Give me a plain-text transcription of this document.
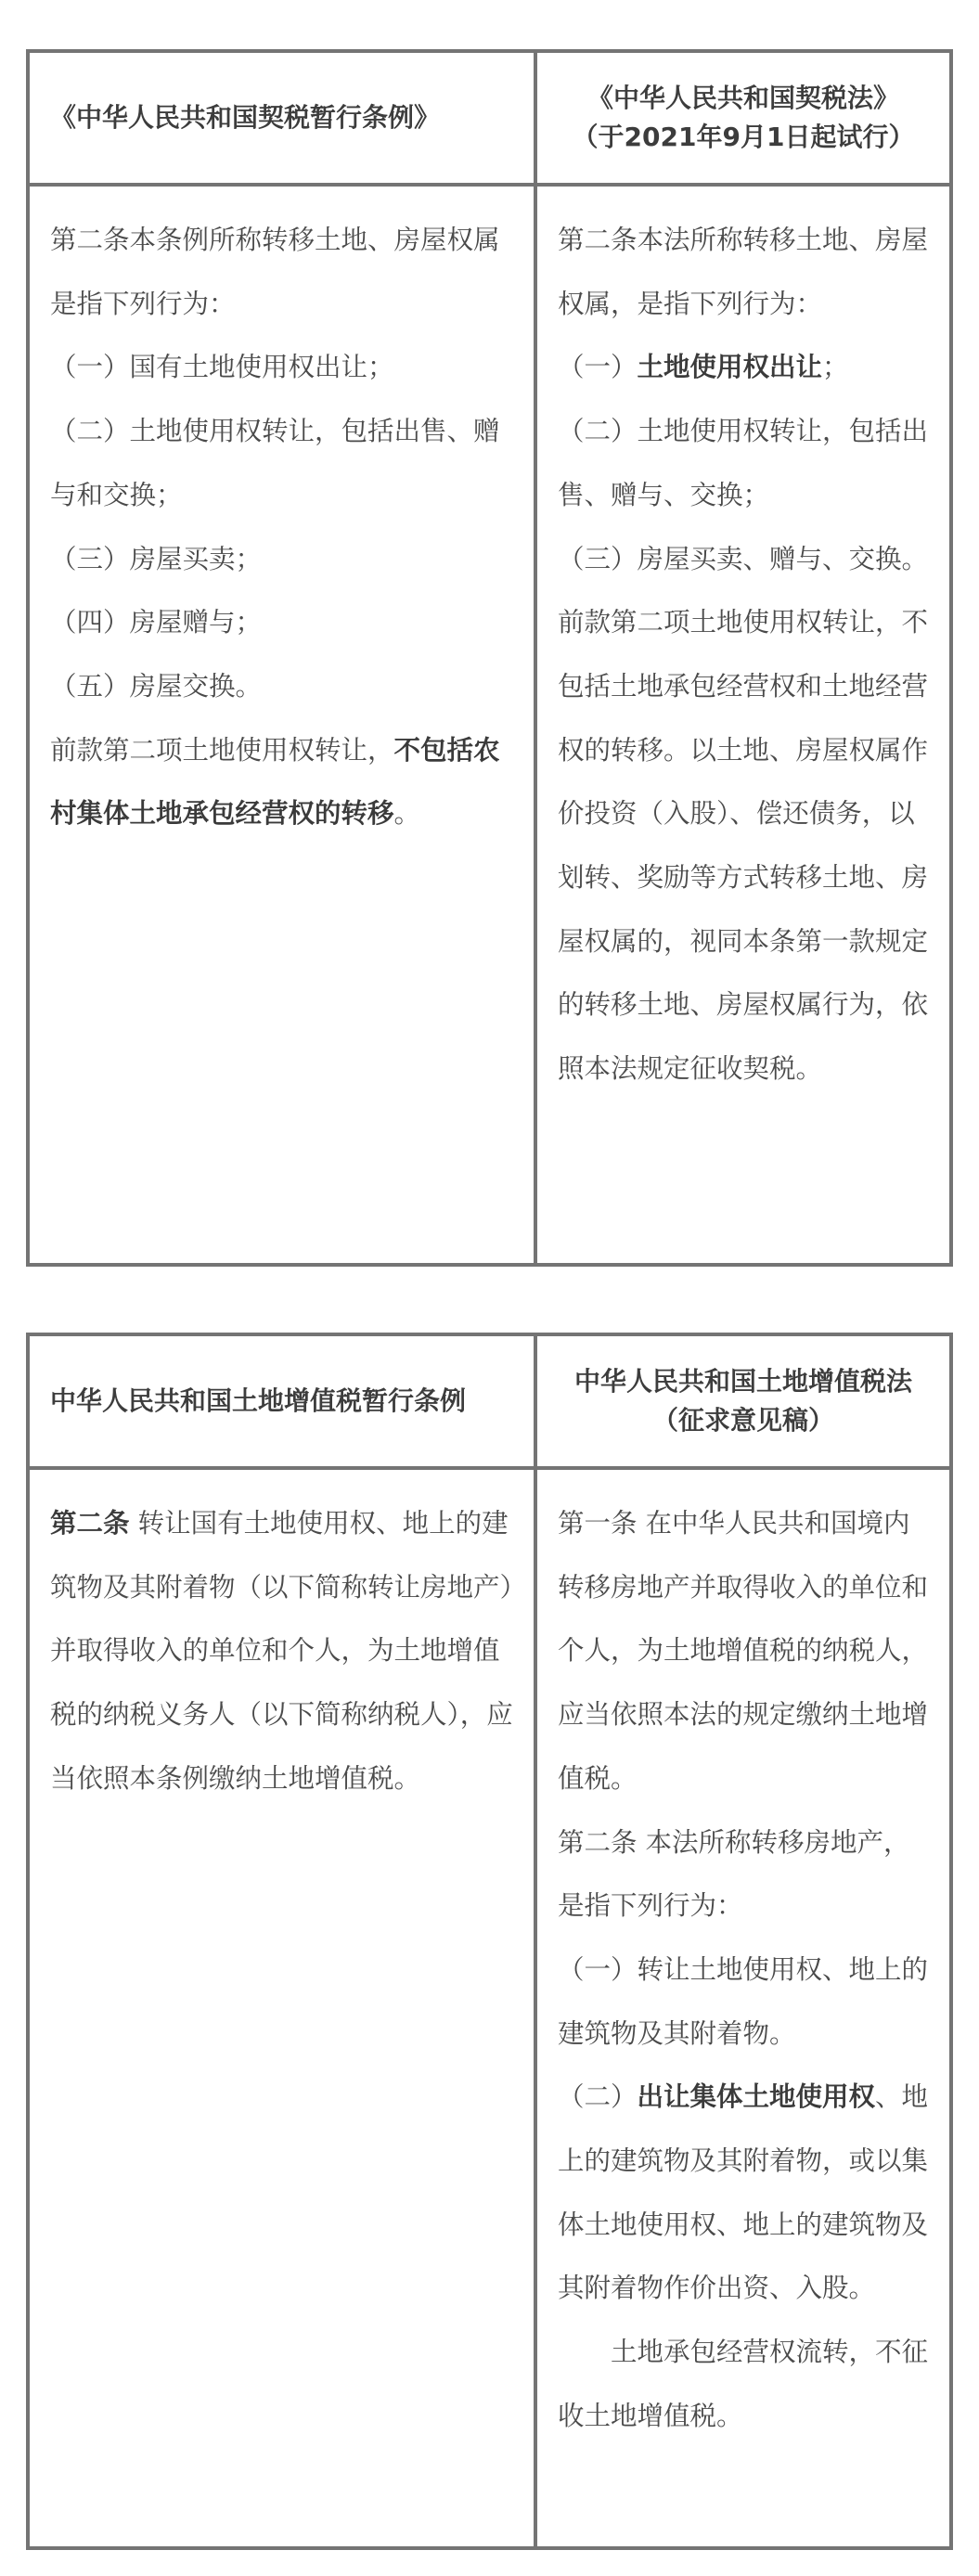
《中华人民共和国契税暂行条例》
《中华人民共和国契税法》
（于2021年9月1日起试行）

第二条本条例所称转移土地、房屋权属是指下列行为：

（一）国有土地使用权出让；

（二）土地使用权转让，包括出售、赠与和交换；

（三）房屋买卖；

（四）房屋赠与；

（五）房屋交换。

前款第二项土地使用权转让，不包括农村集体土地承包经营权的转移。

第二条本法所称转移土地、房屋权属，是指下列行为：

（一）土地使用权出让；

（二）土地使用权转让，包括出售、赠与、交换；

（三）房屋买卖、赠与、交换。

前款第二项土地使用权转让，不包括土地承包经营权和土地经营权的转移。以土地、房屋权属作价投资（入股）、偿还债务，以划转、奖励等方式转移土地、房屋权属的，视同本条第一款规定的转移土地、房屋权属行为，依照本法规定征收契税。

中华人民共和国土地增值税暂行条例
中华人民共和国土地增值税法
（征求意见稿）

第二条 转让国有土地使用权、地上的建筑物及其附着物（以下简称转让房地产）并取得收入的单位和个人，为土地增值税的纳税义务人（以下简称纳税人），应当依照本条例缴纳土地增值税。

第一条 在中华人民共和国境内转移房地产并取得收入的单位和个人，为土地增值税的纳税人，应当依照本法的规定缴纳土地增值税。

第二条 本法所称转移房地产，是指下列行为：

（一）转让土地使用权、地上的建筑物及其附着物。

（二）出让集体土地使用权、地上的建筑物及其附着物，或以集体土地使用权、地上的建筑物及其附着物作价出资、入股。

土地承包经营权流转，不征收土地增值税。
